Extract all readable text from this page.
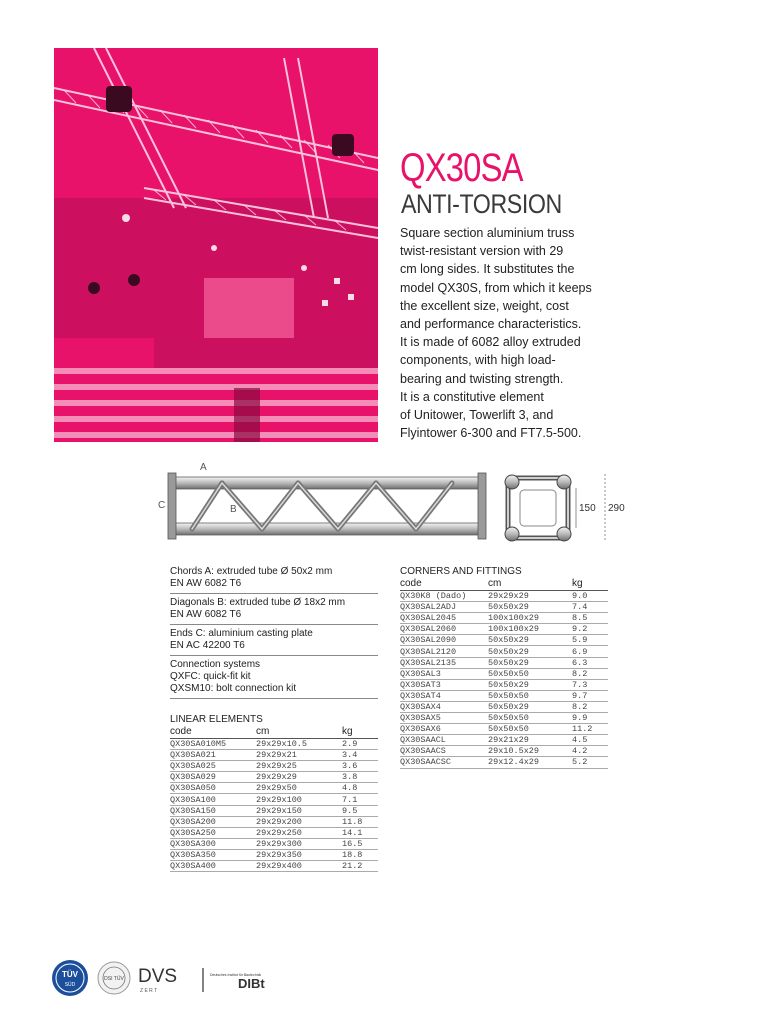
QX30SA
ANTI-TORSION

Square section aluminium truss

twist-resistant version with 29

cm long sides. It substitutes the

model QX30S, from which it keeps

the excellent size, weight, cost

and performance characteristics.

It is made of 6082 alloy extruded

components, with high load-

bearing and twisting strength.

It is a constitutive element

of Unitower, Towerlift 3, and

Flyintower 6-300 and FT7.5-500.

A
B
C	150 290
Chords A: extruded tube Ø 50x2 mm
EN AW 6082 T6
Diagonals B: extruded tube Ø 18x2 mm
EN AW 6082 T6
Ends C: aluminium casting plate
EN AC 42200 T6
Connection systems
QXFC: quick-fit kit
QXSM10: bolt connection kit
LINEAR ELEMENTS
code	cm	kg
QX30SA010M5	29x29x10.5	2.9
QX30SA021	29x29x21	3.4
QX30SA025	29x29x25	3.6
QX30SA029	29x29x29	3.8
QX30SA050	29x29x50	4.8
QX30SA100	29x29x100	7.1
QX30SA150	29x29x150	9.5
QX30SA200	29x29x200	11.8
QX30SA250	29x29x250	14.1
QX30SA300	29x29x300	16.5
QX30SA350	29x29x350	18.8
QX30SA400	29x29x400	21.2
CORNERS AND FITTINGS
code	cm	kg
QX30K8 (Dado)	29x29x29	9.0
QX30SAL2ADJ	50x50x29	7.4
QX30SAL2045	100x100x29	8.5
QX30SAL2060	100x100x29	9.2
QX30SAL2090	50x50x29	5.9
QX30SAL2120	50x50x29	6.9
QX30SAL2135	50x50x29	6.3
QX30SAL3	50x50x50	8.2
QX30SAT3	50x50x29	7.3
QX30SAT4	50x50x50	9.7
QX30SAX4	50x50x29	8.2
QX30SAX5	50x50x50	9.9
QX30SAX6	50x50x50	11.2
QX30SAACL	29x21x29	4.5
QX30SAACS	29x10.5x29	4.2
QX30SAACSC	29x12.4x29	5.2
TÜV
SÜD
DSI TÜV DVS
Z E R T
Deutsches Institut für Bautechnik
DIBt
